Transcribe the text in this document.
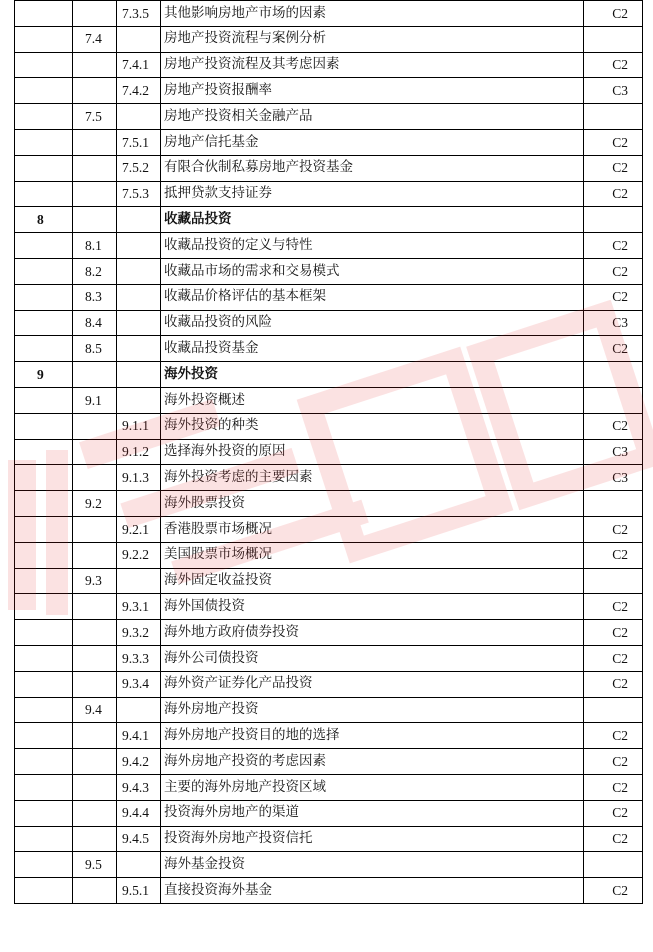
		7.3.5	其他影响房地产市场的因素	C2
	7.4		房地产投资流程与案例分析	
		7.4.1	房地产投资流程及其考虑因素	C2
		7.4.2	房地产投资报酬率	C3
	7.5		房地产投资相关金融产品	
		7.5.1	房地产信托基金	C2
		7.5.2	有限合伙制私募房地产投资基金	C2
		7.5.3	抵押贷款支持证券	C2
8			收藏品投资	
	8.1		收藏品投资的定义与特性	C2
	8.2		收藏品市场的需求和交易模式	C2
	8.3		收藏品价格评估的基本框架	C2
	8.4		收藏品投资的风险	C3
	8.5		收藏品投资基金	C2
9			海外投资	
	9.1		海外投资概述	
		9.1.1	海外投资的种类	C2
		9.1.2	选择海外投资的原因	C3
		9.1.3	海外投资考虑的主要因素	C3
	9.2		海外股票投资	
		9.2.1	香港股票市场概况	C2
		9.2.2	美国股票市场概况	C2
	9.3		海外固定收益投资	
		9.3.1	海外国债投资	C2
		9.3.2	海外地方政府债券投资	C2
		9.3.3	海外公司债投资	C2
		9.3.4	海外资产证券化产品投资	C2
	9.4		海外房地产投资	
		9.4.1	海外房地产投资目的地的选择	C2
		9.4.2	海外房地产投资的考虑因素	C2
		9.4.3	主要的海外房地产投资区域	C2
		9.4.4	投资海外房地产的渠道	C2
		9.4.5	投资海外房地产投资信托	C2
	9.5		海外基金投资	
		9.5.1	直接投资海外基金	C2
